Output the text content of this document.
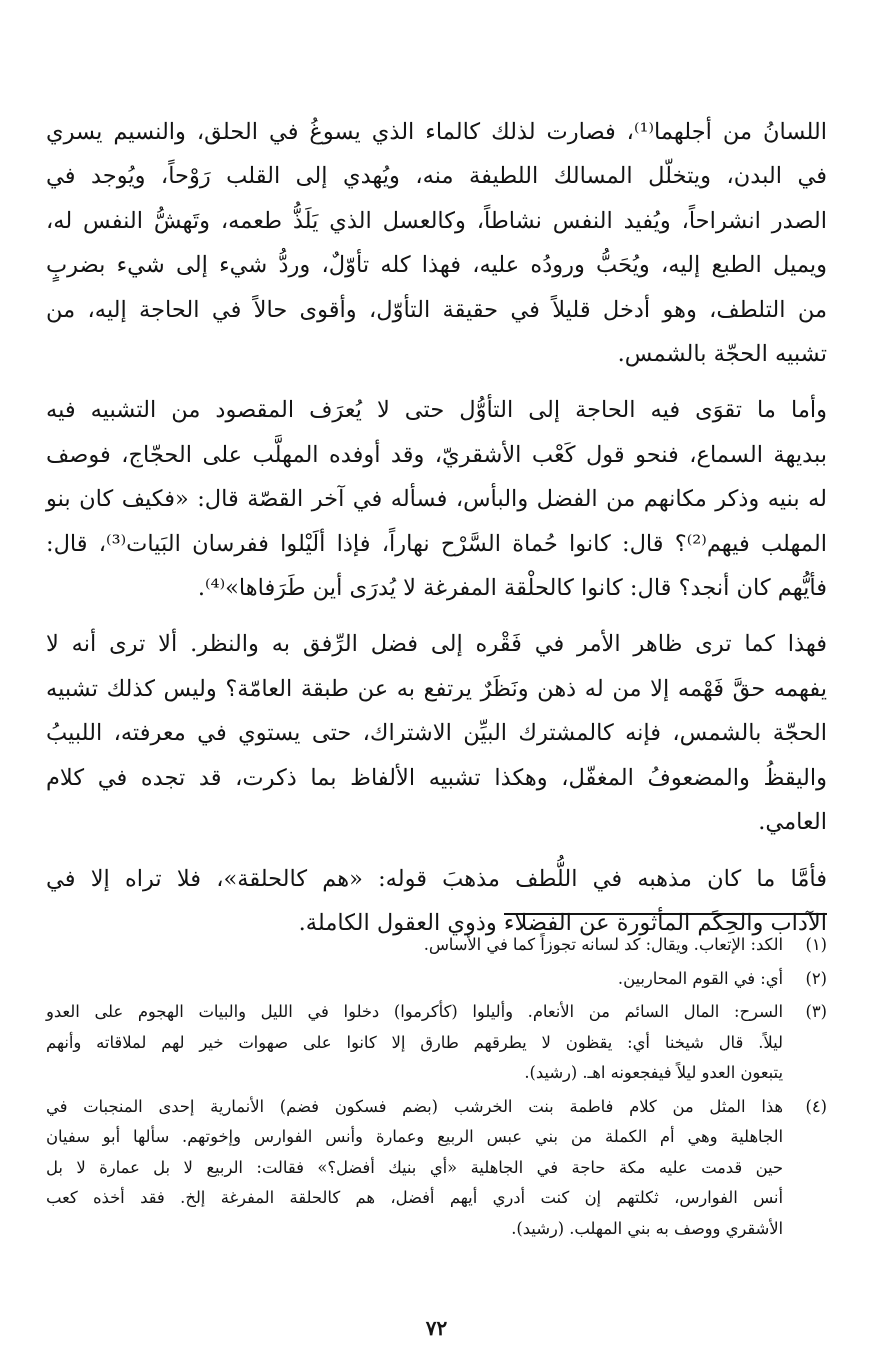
اللسانُ من أجلهما⁽¹⁾، فصارت لذلك كالماء الذي يسوغُ في الحلق، والنسيم يسري
في البدن، ويتخلّل المسالك اللطيفة منه، ويُهدي إلى القلب رَوْحاً، ويُوجد في
الصدر انشراحاً، ويُفيد النفس نشاطاً، وكالعسل الذي يَلَذُّ طعمه، وتَهشُّ النفس له،
ويميل الطبع إليه، ويُحَبُّ ورودُه عليه، فهذا كله تأوّلٌ، وردُّ شيء إلى شيء بضربٍ
من التلطف، وهو أدخل قليلاً في حقيقة التأوّل، وأقوى حالاً في الحاجة إليه، من
تشبيه الحجّة بالشمس.
وأما ما تقوَى فيه الحاجة إلى التأوُّل حتى لا يُعرَف المقصود من التشبيه فيه
ببديهة السماع، فنحو قول كَعْب الأشقريّ، وقد أوفده المهلَّب على الحجّاج، فوصف
له بنيه وذكر مكانهم من الفضل والبأس، فسأله في آخر القصّة قال: «فكيف كان بنو
المهلب فيهم⁽²⁾؟ قال: كانوا حُماة السَّرْح نهاراً، فإذا ألَيْلوا ففرسان البَيات⁽³⁾، قال:
فأيُّهم كان أنجد؟ قال: كانوا كالحلْقة المفرغة لا يُدرَى أين طَرَفاها»⁽⁴⁾.
فهذا كما ترى ظاهر الأمر في فَقْره إلى فضل الرِّفق به والنظر. ألا ترى أنه لا
يفهمه حقَّ فَهْمه إلا من له ذهن ونَظَرٌ يرتفع به عن طبقة العامّة؟ وليس كذلك تشبيه
الحجّة بالشمس، فإنه كالمشترك البيِّن الاشتراك، حتى يستوي في معرفته، اللبيبُ
واليقظُ والمضعوفُ المغفّل، وهكذا تشبيه الألفاظ بما ذكرت، قد تجده في كلام
العامي.
فأمَّا ما كان مذهبه في اللُّطف مذهبَ قوله: «هم كالحلقة»، فلا تراه إلا في
الآداب والحِكَم المأثورة عن الفضلاء وذوي العقول الكاملة.
(١)
الكد: الإتعاب. ويقال: كد لسانه تجوزاً كما في الأساس.
(٢)
أي: في القوم المحاربين.
(٣)
السرح: المال السائم من الأنعام. وأليلوا (كأكرموا) دخلوا في الليل والبيات الهجوم على العدو
ليلاً. قال شيخنا أي: يقظون لا يطرقهم طارق إلا كانوا على صهوات خير لهم لملاقاته وأنهم
يتبعون العدو ليلاً فيفجعونه اهـ. (رشيد).
(٤)
هذا المثل من كلام فاطمة بنت الخرشب (بضم فسكون فضم) الأنمارية إحدى المنجبات في
الجاهلية وهي أم الكملة من بني عبس الربيع وعمارة وأنس الفوارس وإخوتهم. سألها أبو سفيان
حين قدمت عليه مكة حاجة في الجاهلية «أي بنيك أفضل؟» فقالت: الربيع لا بل عمارة لا بل
أنس الفوارس، ثكلتهم إن كنت أدري أيهم أفضل، هم كالحلقة المفرغة إلخ. فقد أخذه كعب
الأشقري ووصف به بني المهلب. (رشيد).
٧٢
